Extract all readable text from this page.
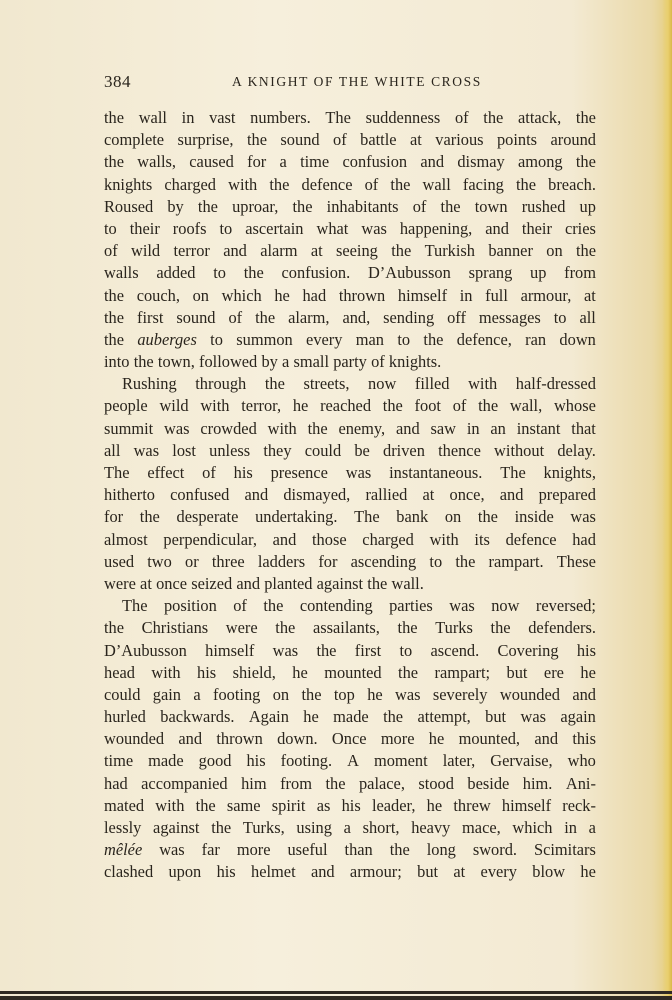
384	A KNIGHT OF THE WHITE CROSS
the wall in vast numbers. The suddenness of the attack, the
complete surprise, the sound of battle at various points around
the walls, caused for a time confusion and dismay among the
knights charged with the defence of the wall facing the breach.
Roused by the uproar, the inhabitants of the town rushed up
to their roofs to ascertain what was happening, and their cries
of wild terror and alarm at seeing the Turkish banner on the
walls added to the confusion. D’Aubusson sprang up from
the couch, on which he had thrown himself in full armour, at
the first sound of the alarm, and, sending off messages to all
the auberges to summon every man to the defence, ran down
into the town, followed by a small party of knights.
Rushing through the streets, now filled with half-dressed
people wild with terror, he reached the foot of the wall, whose
summit was crowded with the enemy, and saw in an instant that
all was lost unless they could be driven thence without delay.
The effect of his presence was instantaneous. The knights,
hitherto confused and dismayed, rallied at once, and prepared
for the desperate undertaking. The bank on the inside was
almost perpendicular, and those charged with its defence had
used two or three ladders for ascending to the rampart. These
were at once seized and planted against the wall.
The position of the contending parties was now reversed;
the Christians were the assailants, the Turks the defenders.
D’Aubusson himself was the first to ascend. Covering his
head with his shield, he mounted the rampart; but ere he
could gain a footing on the top he was severely wounded and
hurled backwards. Again he made the attempt, but was again
wounded and thrown down. Once more he mounted, and this
time made good his footing. A moment later, Gervaise, who
had accompanied him from the palace, stood beside him. Ani-
mated with the same spirit as his leader, he threw himself reck-
lessly against the Turks, using a short, heavy mace, which in a
mêlée was far more useful than the long sword. Scimitars
clashed upon his helmet and armour; but at every blow he
